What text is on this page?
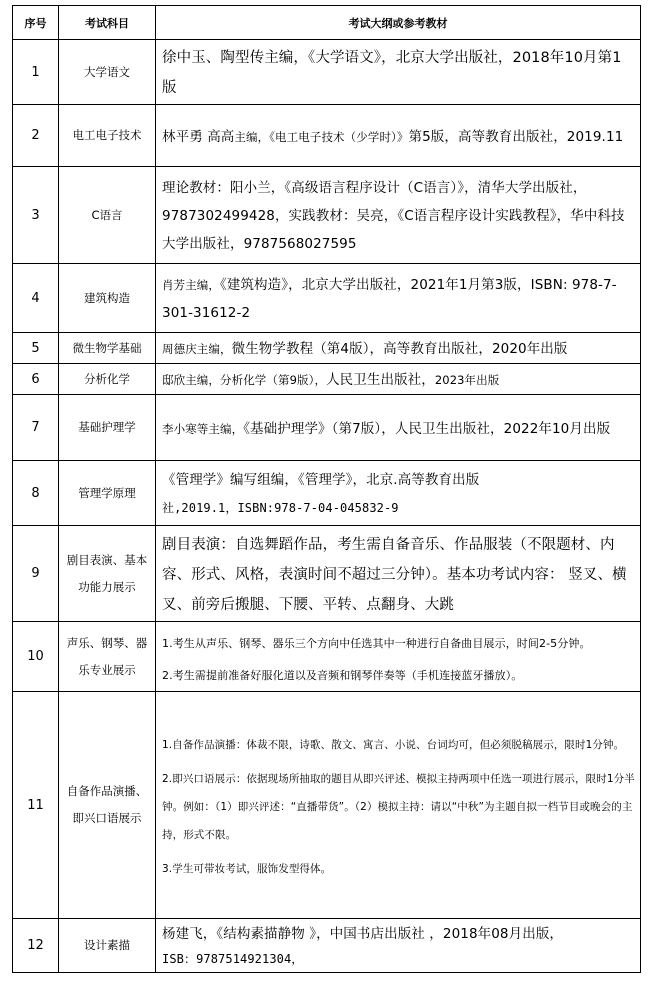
序号	考试科目	考试大纲或参考教材
1	大学语文	徐中玉、陶型传主编，《大学语文》，北京大学出版社，2018年10月第1版
2	电工电子技术	林平勇 高高主编，《电工电子技术（少学时）》第5版，高等教育出版社，2019.11
3	C语言	理论教材：阳小兰，《高级语言程序设计（C语言）》，清华大学出版社，9787302499428，实践教材：吴亮，《C语言程序设计实践教程》，华中科技大学出版社，9787568027595
4	建筑构造	肖芳主编，《建筑构造》，北京大学出版社，2021年1月第3版，ISBN: 978-7-301-31612-2
5	微生物学基础	周德庆主编，微生物学教程（第4版），高等教育出版社，2020年出版
6	分析化学	邸欣主编，分析化学（第9版），人民卫生出版社，2023年出版
7	基础护理学	李小寒等主编，《基础护理学》（第7版），人民卫生出版社，2022年10月出版
8	管理学原理	《管理学》编写组编，《管理学》，北京.高等教育出版
社,2019.1，ISBN:978-7-04-045832-9
9	剧目表演、基本功能力展示	剧目表演：自选舞蹈作品，考生需自备音乐、作品服装（不限题材、内容、形式、风格，表演时间不超过三分钟）。基本功考试内容： 竖叉、横叉、前旁后搬腿、下腰、平转、点翻身、大跳
10	声乐、钢琴、器乐专业展示	1.考生从声乐、钢琴、器乐三个方向中任选其中一种进行自备曲目展示，时间2-5分钟。

2.考生需提前准备好服化道以及音频和钢琴伴奏等（手机连接蓝牙播放）。

11	自备作品演播、即兴口语展示	1.自备作品演播：体裁不限，诗歌、散文、寓言、小说、台词均可，但必须脱稿展示，限时1分钟。

2.即兴口语展示：依据现场所抽取的题目从即兴评述、模拟主持两项中任选一项进行展示，限时1分半钟。例如：（1）即兴评述：“直播带货”。（2）模拟主持：请以“中秋”为主题自拟一档节目或晚会的主持，形式不限。

3.学生可带妆考试，服饰发型得体。

12	设计素描	杨建飞，《结构素描静物 》，中国书店出版社 ，2018年08月出版，
ISB：9787514921304，
